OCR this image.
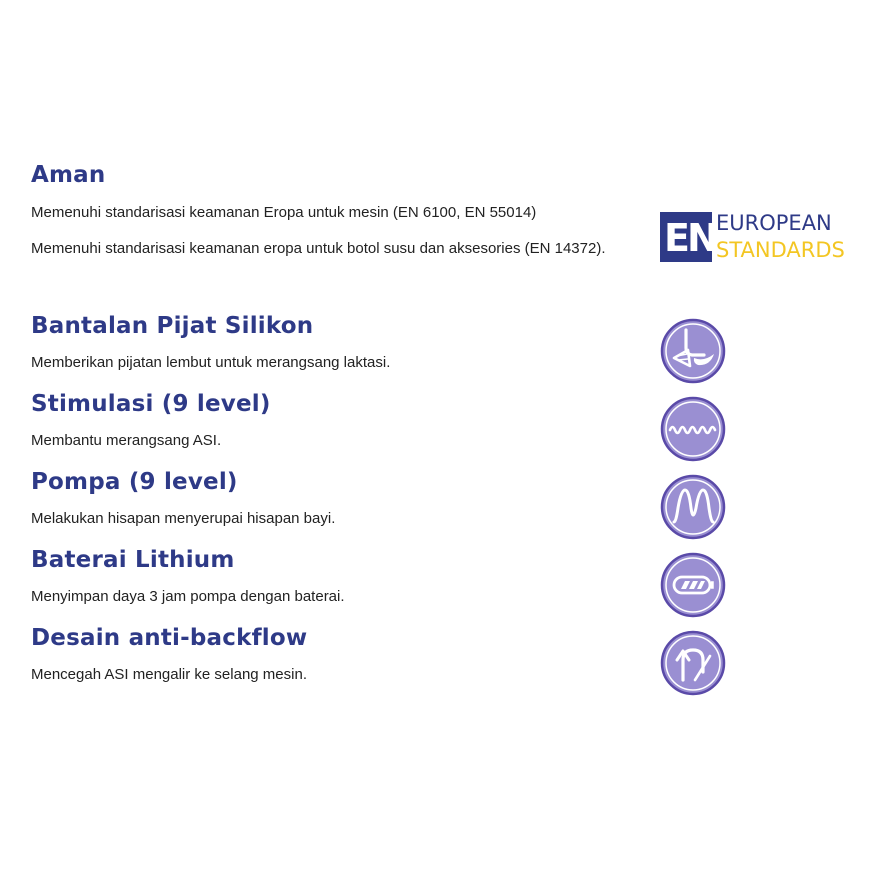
Aman

Memenuhi standarisasi keamanan Eropa untuk mesin (EN 6100, EN 55014)

Memenuhi standarisasi keamanan eropa untuk botol susu dan aksesories (EN 14372). EN EUROPEAN
STANDARDS
Bantalan Pijat Silikon

Memberikan pijatan lembut untuk merangsang laktasi.

Stimulasi (9 level)

Membantu merangsang ASI.

Pompa (9 level)

Melakukan hisapan menyerupai hisapan bayi.

Baterai Lithium

Menyimpan daya 3 jam pompa dengan baterai.

Desain anti-backflow

Mencegah ASI mengalir ke selang mesin.
